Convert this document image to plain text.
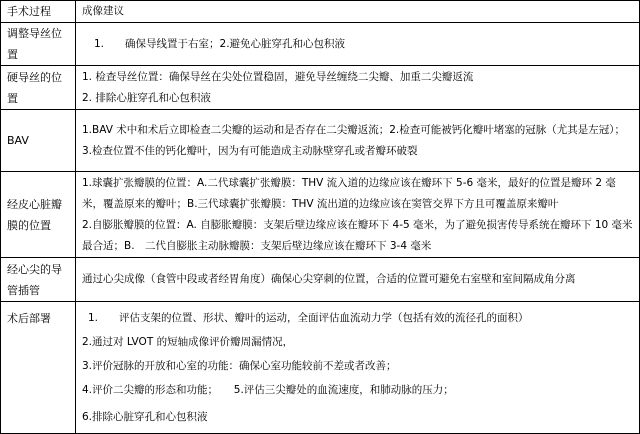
手术过程	成像建议
调整导丝位置	1.　　确保导线置于右室；2.避免心脏穿孔和心包积液
硬导丝的位置	1. 检查导丝位置：确保导丝在尖处位置稳固，避免导丝缠绕二尖瓣、加重二尖瓣返流
2. 排除心脏穿孔和心包积液

BAV	1.BAV 术中和术后立即检查二尖瓣的运动和是否存在二尖瓣返流；2.检查可能被钙化瓣叶堵塞的冠脉（尤其是左冠）；3.检查位置不佳的钙化瓣叶，因为有可能造成主动脉壁穿孔或者瓣环破裂

经皮心脏瓣膜的位置	1.球囊扩张瓣膜的位置：A.二代球囊扩张瓣膜：THV 流入道的边缘应该在瓣环下 5-6 毫米，最好的位置是瓣环 2 毫米，覆盖原来的瓣叶；B.三代球囊扩张瓣膜：THV 流出道的边缘应该在窦管交界下方且可覆盖原来瓣叶
2.自膨胀瓣膜的位置：A. 自膨胀瓣膜：支架后壁边缘应该在瓣环下 4-5 毫米，为了避免损害传导系统在瓣环下 10 毫米最合适；B.　二代自膨胀主动脉瓣膜：支架后壁边缘应该在瓣环下 3-4 毫米

经心尖的导管插管	通过心尖成像（食管中段或者经胃角度）确保心尖穿刺的位置，合适的位置可避免右室壁和室间隔成角分离
术后部署	1.　　评估支架的位置、形状、瓣叶的运动，全面评估血流动力学（包括有效的流径孔的面积）
2.通过对 LVOT 的短轴成像评价瓣周漏情况，
3.评价冠脉的开放和心室的功能：确保心室功能较前不差或者改善；
4.评价二尖瓣的形态和功能；　　5.评估三尖瓣处的血流速度，和肺动脉的压力；
6.排除心脏穿孔和心包积液
